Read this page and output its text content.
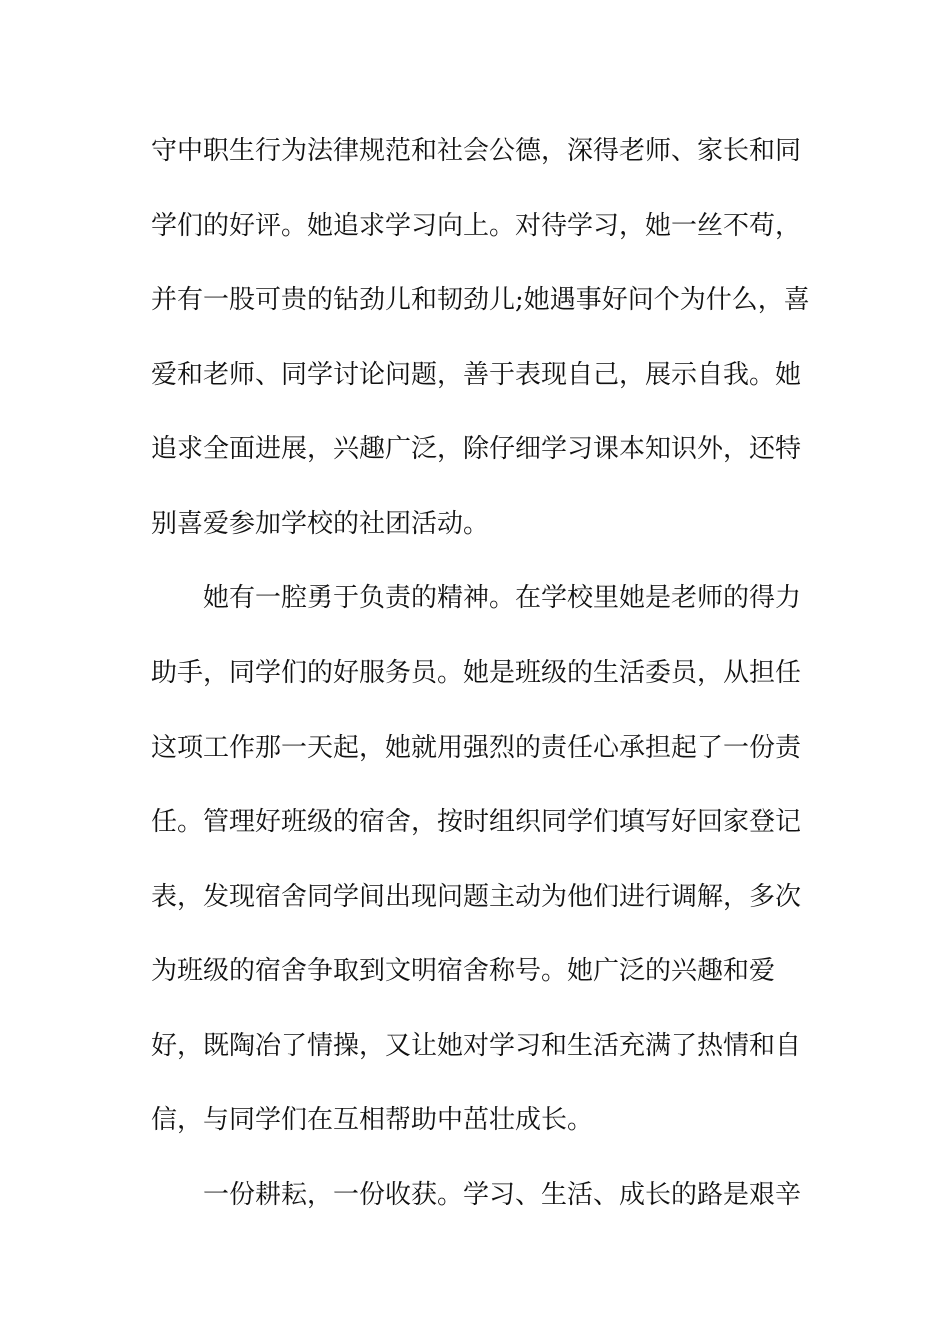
守中职生行为法律规范和社会公德，深得老师、家长和同

学们的好评。她追求学习向上。对待学习，她一丝不苟，

并有一股可贵的钻劲儿和韧劲儿;她遇事好问个为什么，喜

爱和老师、同学讨论问题，善于表现自己，展示自我。她

追求全面进展，兴趣广泛，除仔细学习课本知识外，还特

别喜爱参加学校的社团活动。

她有一腔勇于负责的精神。在学校里她是老师的得力

助手，同学们的好服务员。她是班级的生活委员，从担任

这项工作那一天起，她就用强烈的责任心承担起了一份责

任。管理好班级的宿舍，按时组织同学们填写好回家登记

表，发现宿舍同学间出现问题主动为他们进行调解，多次

为班级的宿舍争取到文明宿舍称号。她广泛的兴趣和爱

好，既陶冶了情操，又让她对学习和生活充满了热情和自

信，与同学们在互相帮助中茁壮成长。

一份耕耘，一份收获。学习、生活、成长的路是艰辛
